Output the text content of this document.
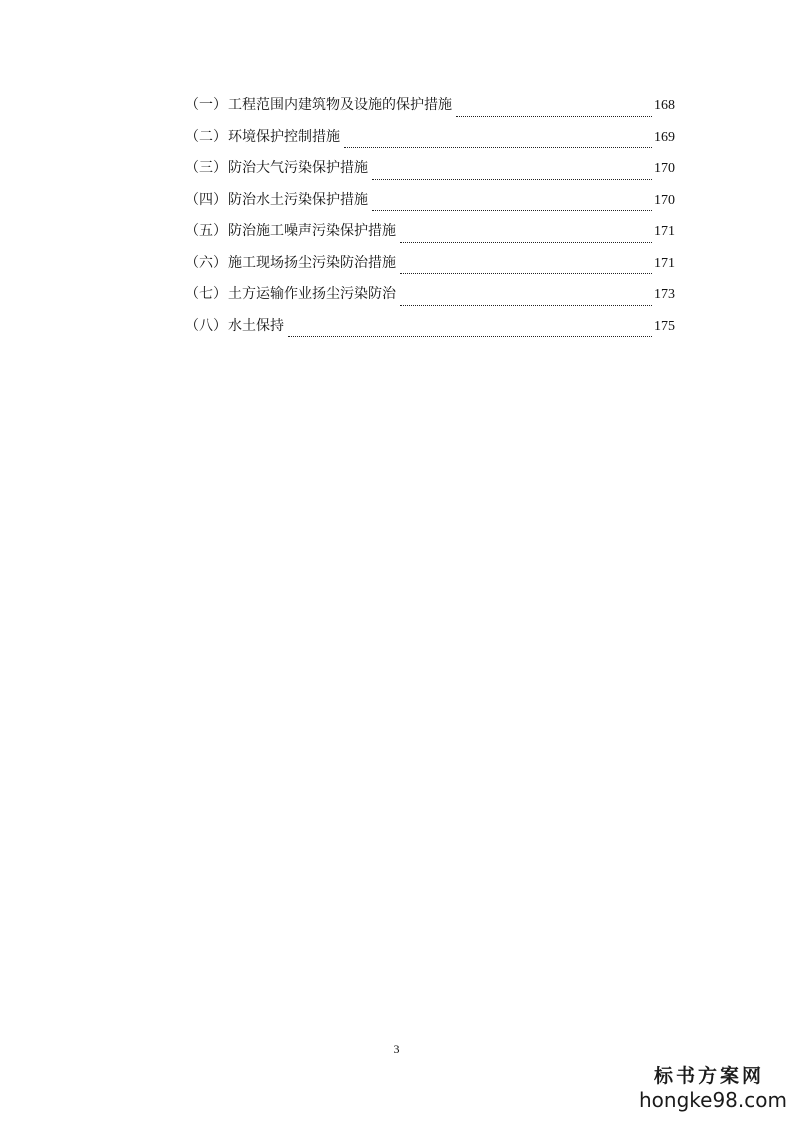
（一） 工程范围内建筑物及设施的保护措施	168
（二） 环境保护控制措施	169
（三） 防治大气污染保护措施	170
（四） 防治水土污染保护措施	170
（五） 防治施工噪声污染保护措施	171
（六） 施工现场扬尘污染防治措施	171
（七） 土方运输作业扬尘污染防治	173
（八） 水土保持	175
3
标书方案网
hongke98.com
